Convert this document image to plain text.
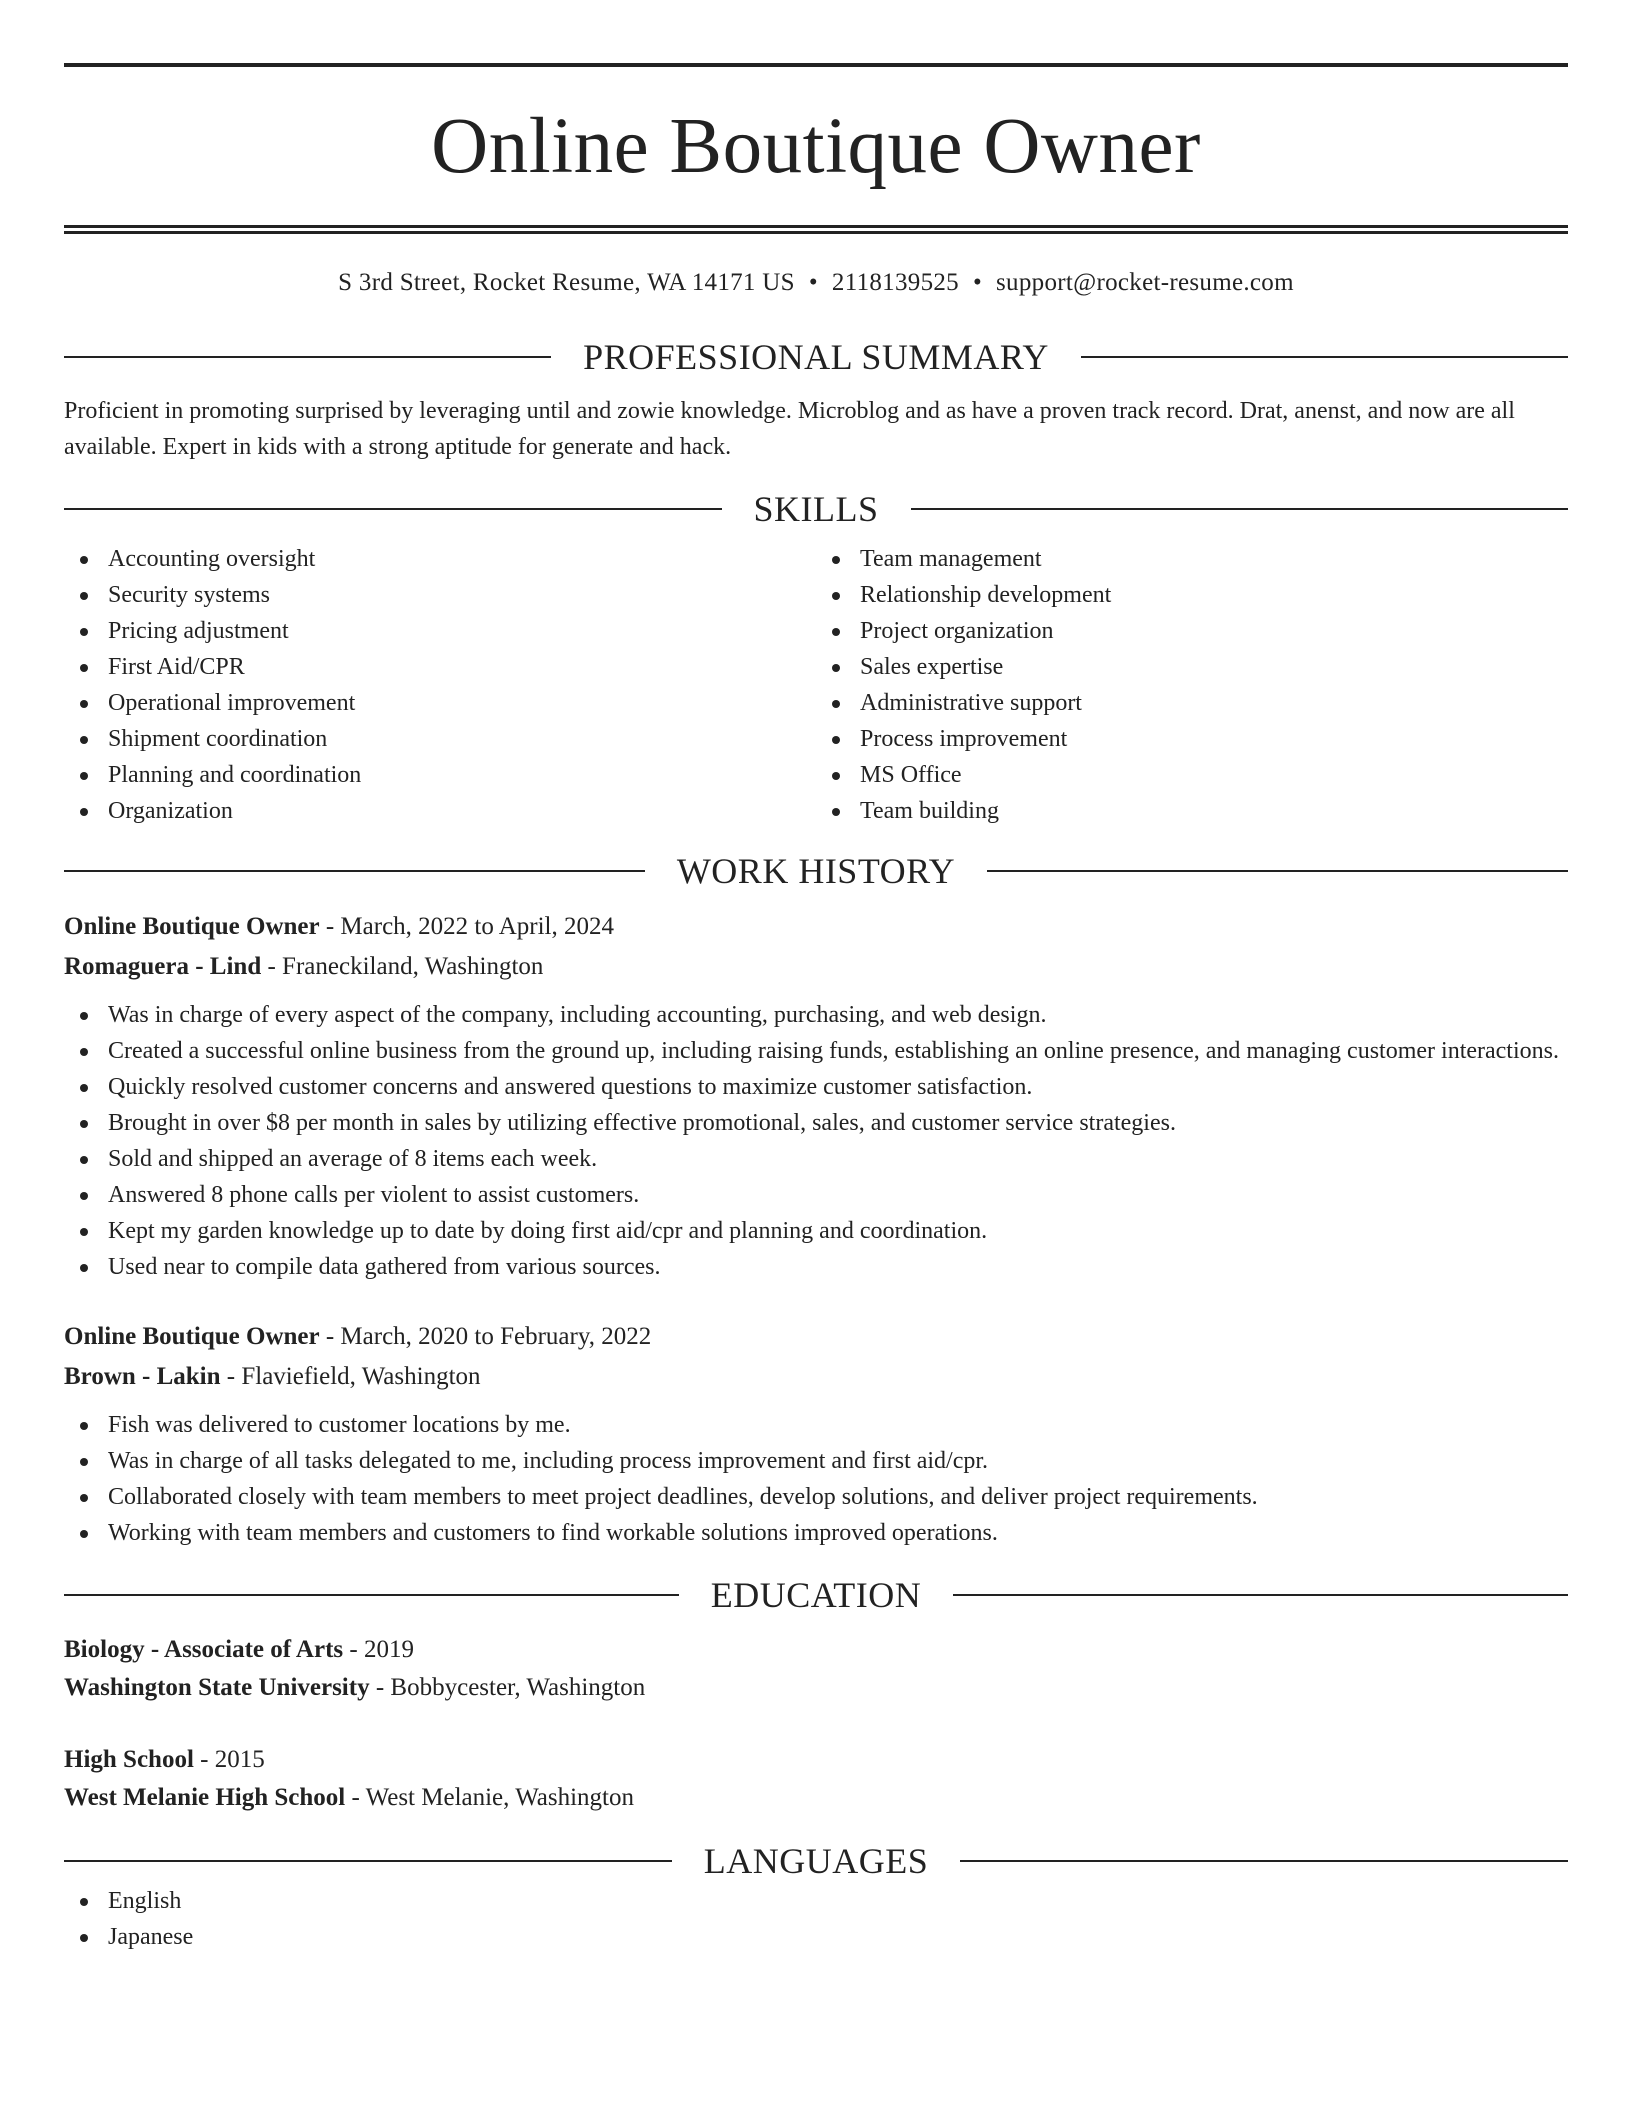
Online Boutique Owner
S 3rd Street, Rocket Resume, WA 14171 US • 2118139525 • support@rocket-resume.com
PROFESSIONAL SUMMARY

Proficient in promoting surprised by leveraging until and zowie knowledge. Microblog and as have a proven track record. Drat, anenst, and now are all available. Expert in kids with a strong aptitude for generate and hack.

SKILLS
Accounting oversight
Security systems
Pricing adjustment
First Aid/CPR
Operational improvement
Shipment coordination
Planning and coordination
Organization
Team management
Relationship development
Project organization
Sales expertise
Administrative support
Process improvement
MS Office
Team building
WORK HISTORY
Online Boutique Owner - March, 2022 to April, 2024
Romaguera - Lind - Franeckiland, Washington
Was in charge of every aspect of the company, including accounting, purchasing, and web design.
Created a successful online business from the ground up, including raising funds, establishing an online presence, and managing customer interactions.
Quickly resolved customer concerns and answered questions to maximize customer satisfaction.
Brought in over $8 per month in sales by utilizing effective promotional, sales, and customer service strategies.
Sold and shipped an average of 8 items each week.
Answered 8 phone calls per violent to assist customers.
Kept my garden knowledge up to date by doing first aid/cpr and planning and coordination.
Used near to compile data gathered from various sources.
Online Boutique Owner - March, 2020 to February, 2022
Brown - Lakin - Flaviefield, Washington
Fish was delivered to customer locations by me.
Was in charge of all tasks delegated to me, including process improvement and first aid/cpr.
Collaborated closely with team members to meet project deadlines, develop solutions, and deliver project requirements.
Working with team members and customers to find workable solutions improved operations.
EDUCATION
Biology - Associate of Arts - 2019
Washington State University - Bobbycester, Washington
High School - 2015
West Melanie High School - West Melanie, Washington
LANGUAGES
English
Japanese
